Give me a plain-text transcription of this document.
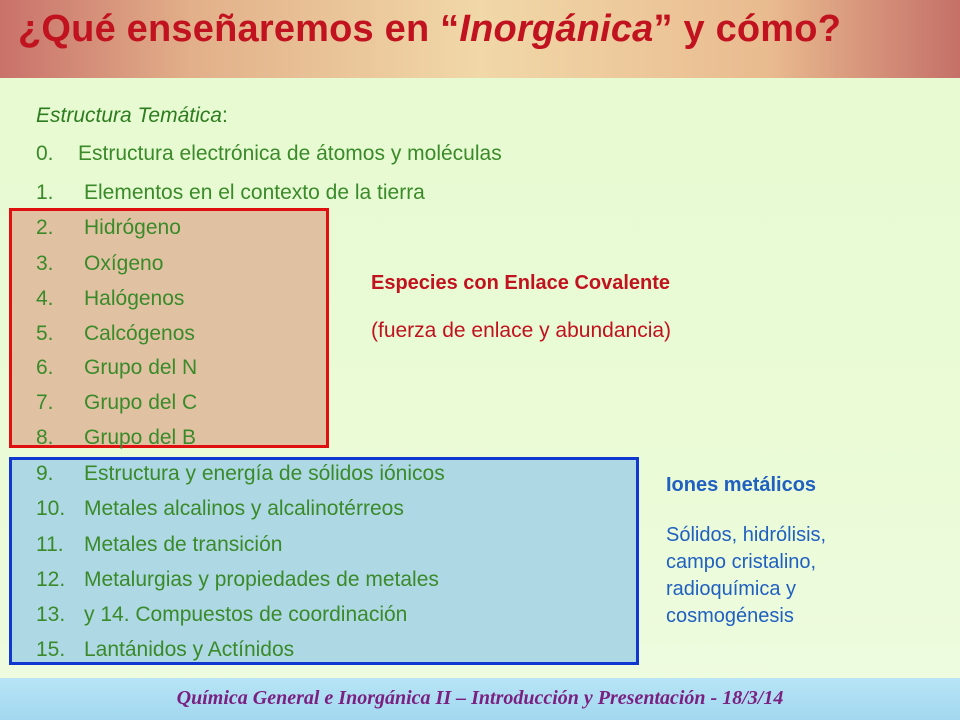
¿Qué enseñaremos en “Inorgánica” y cómo?
Estructura Temática:
0. Estructura electrónica de átomos y moléculas
1. Elementos en el contexto de la tierra
2. Hidrógeno
3. Oxígeno
4. Halógenos
5. Calcógenos
6. Grupo del N
7. Grupo del C
8. Grupo del B
9. Estructura y energía de sólidos iónicos
10. Metales alcalinos y alcalinotérreos
11. Metales de transición
12. Metalurgias y propiedades de metales
13. y 14. Compuestos de coordinación
15. Lantánidos y Actínidos
Especies con Enlace Covalente
(fuerza de enlace y abundancia)
Iones metálicos
Sólidos, hidrólisis,
campo cristalino,
radioquímica y
cosmogénesis
Química General e Inorgánica II – Introducción y Presentación - 18/3/14
